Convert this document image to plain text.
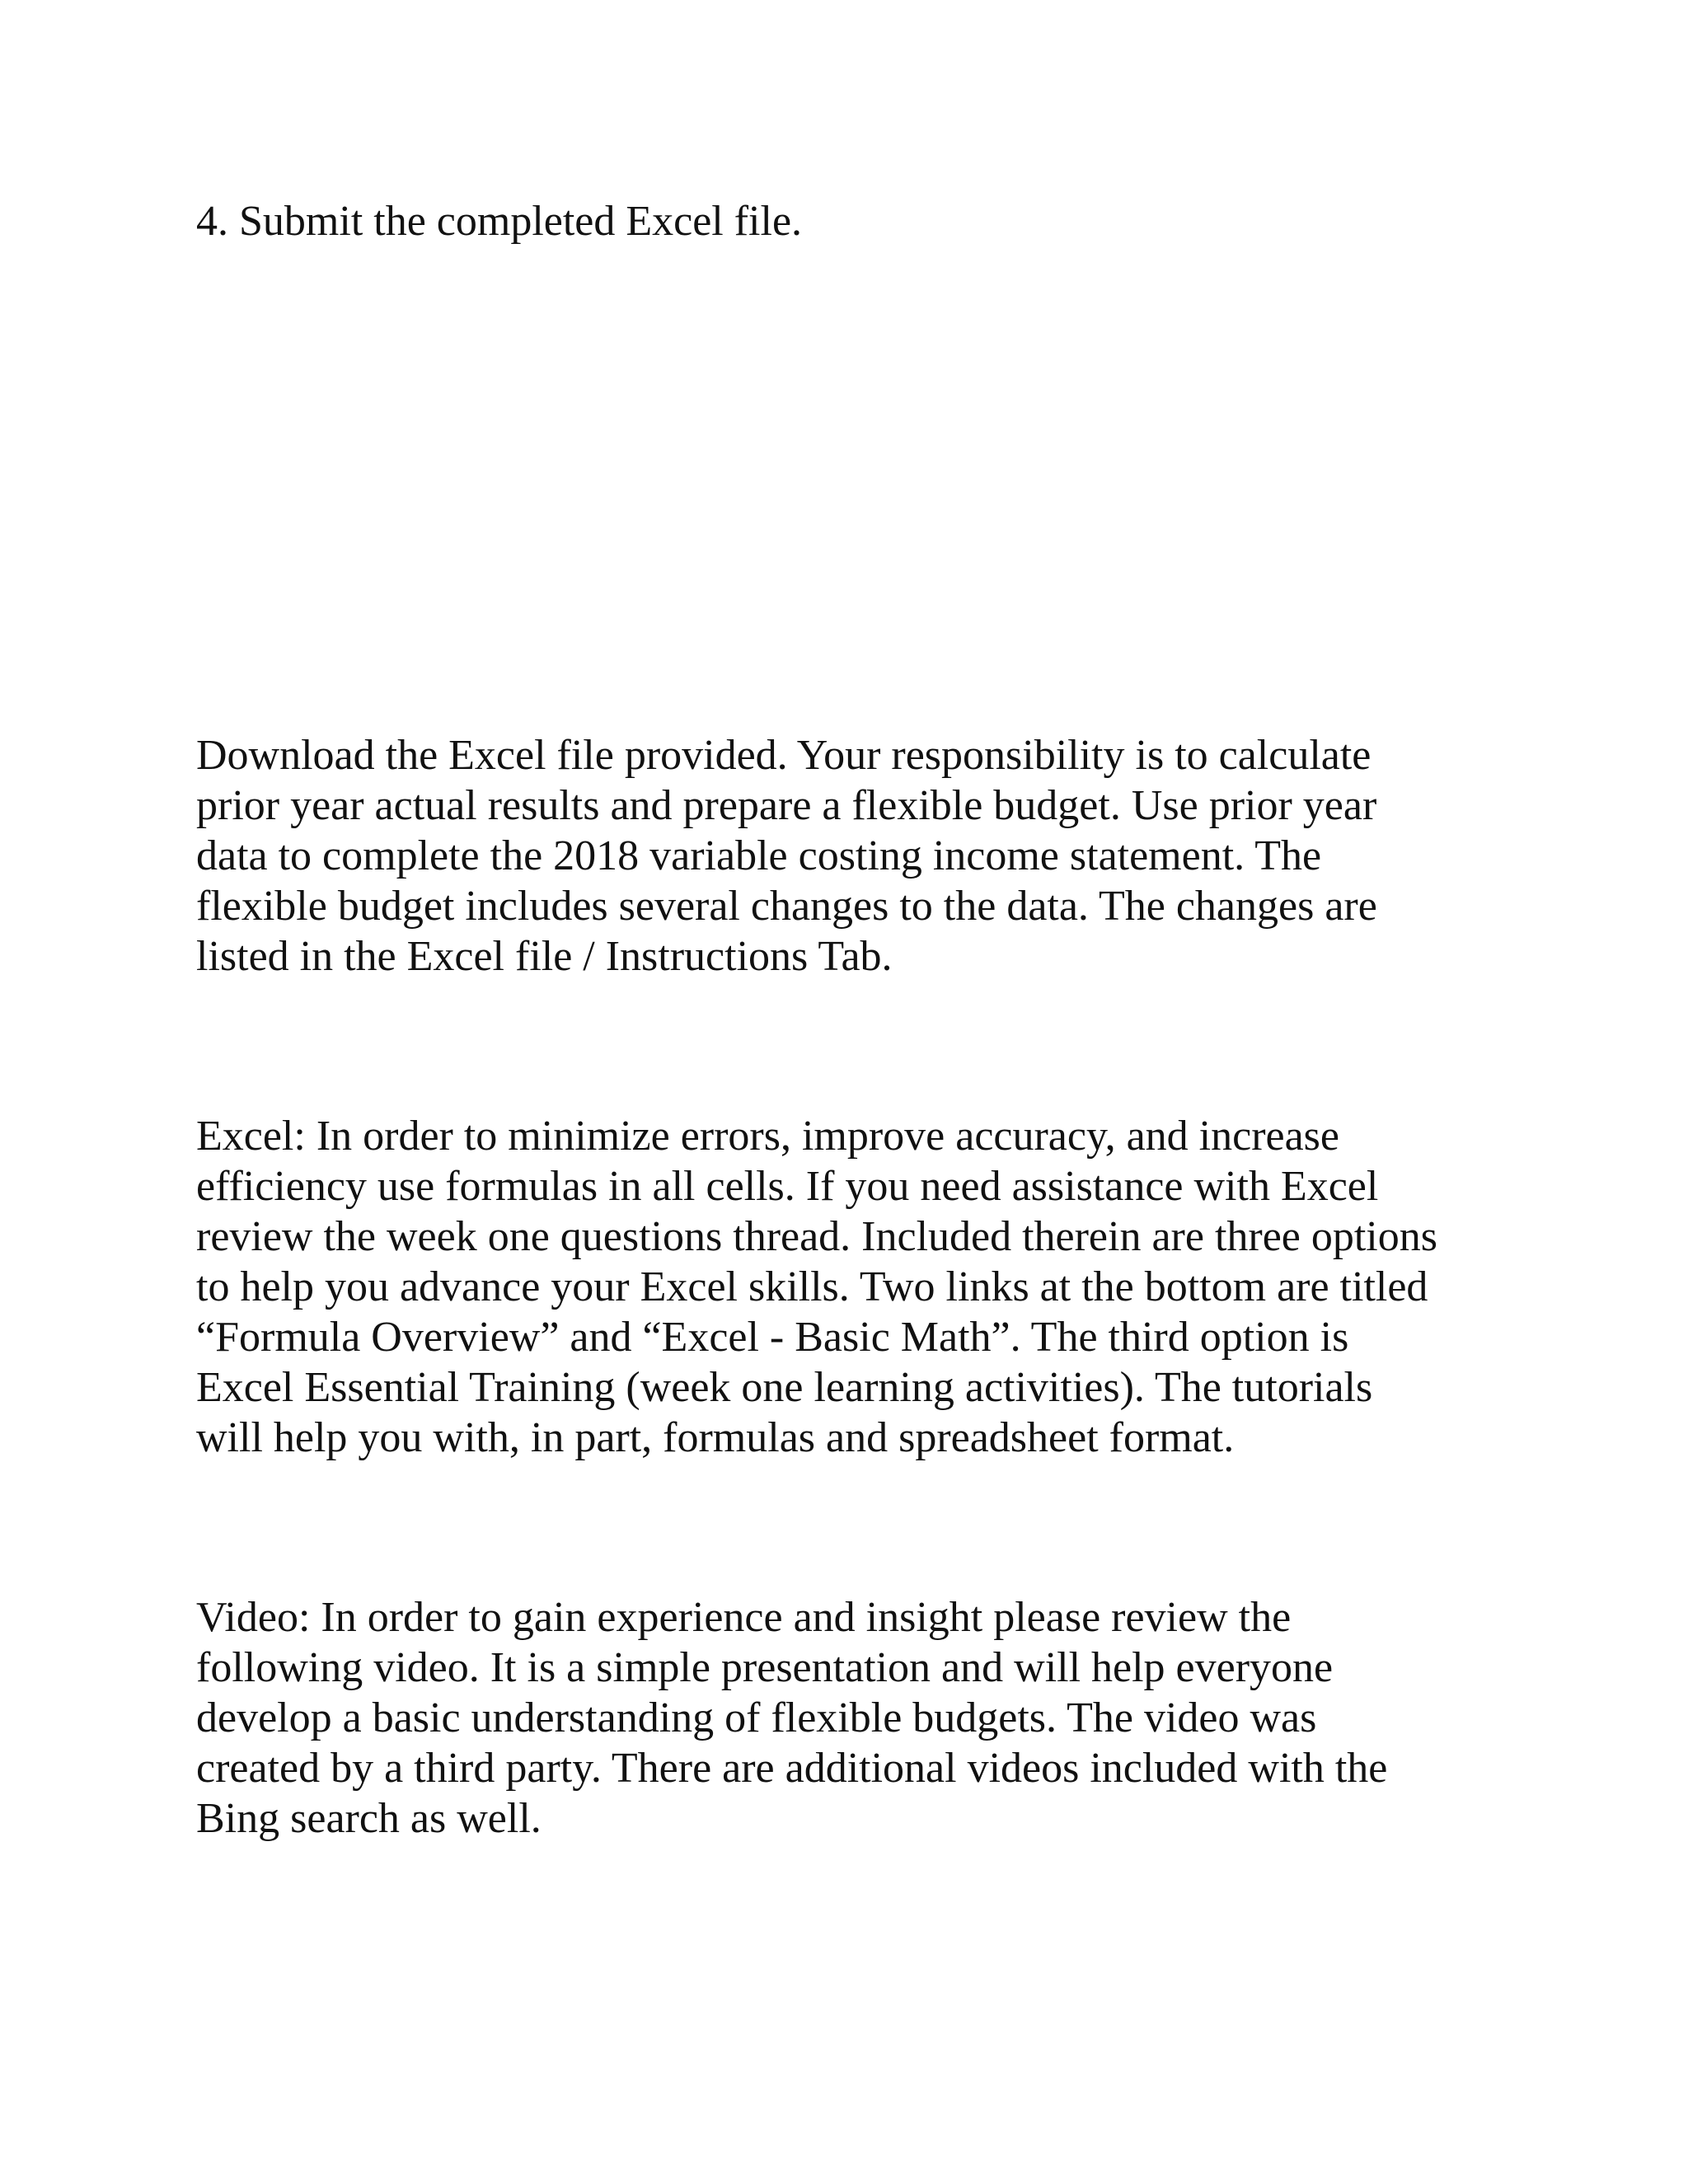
4. Submit the completed Excel file.

Download the Excel file provided. Your responsibility is to calculate
prior year actual results and prepare a flexible budget. Use prior year
data to complete the 2018 variable costing income statement. The
flexible budget includes several changes to the data. The changes are
listed in the Excel file / Instructions Tab.

Excel: In order to minimize errors, improve accuracy, and increase
efficiency use formulas in all cells. If you need assistance with Excel
review the week one questions thread. Included therein are three options
to help you advance your Excel skills. Two links at the bottom are titled
“Formula Overview” and “Excel - Basic Math”. The third option is
Excel Essential Training (week one learning activities). The tutorials
will help you with, in part, formulas and spreadsheet format.

Video: In order to gain experience and insight please review the
following video. It is a simple presentation and will help everyone
develop a basic understanding of flexible budgets. The video was
created by a third party. There are additional videos included with the
Bing search as well.
